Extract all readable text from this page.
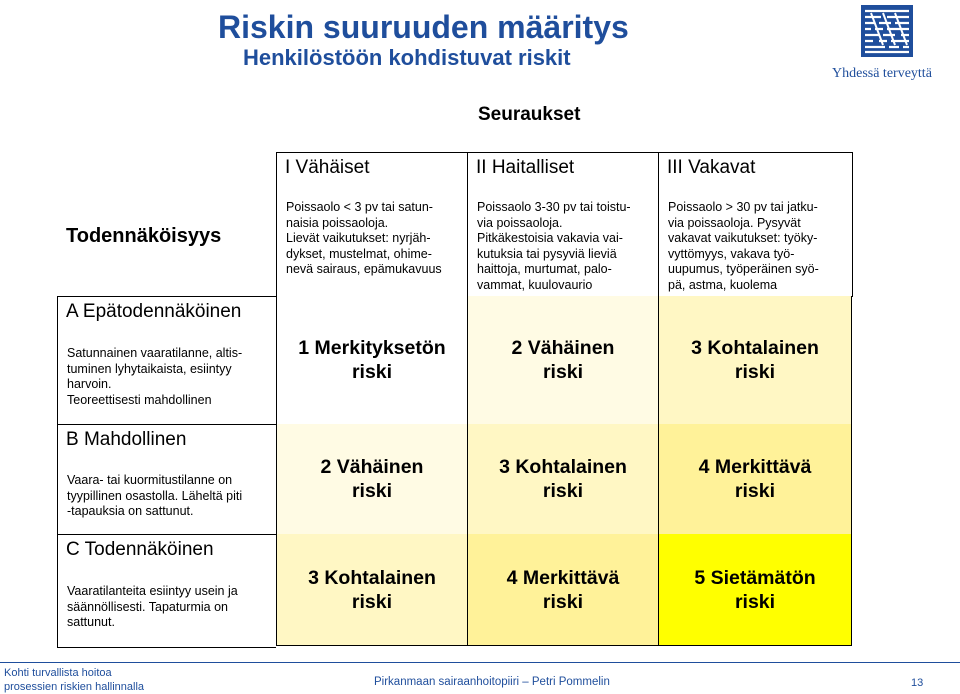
Riskin suuruuden määritys
Henkilöstöön kohdistuvat riskit
Yhdessä terveyttä
Seuraukset
I Vähäiset
Poissaolo < 3 pv tai satun-
naisia poissaoloja.
Lievät vaikutukset: nyrjäh-
dykset, mustelmat, ohime-
nevä sairaus, epämukavuus
II Haitalliset
Poissaolo 3-30 pv tai toistu-
via poissaoloja.
Pitkäkestoisia vakavia vai-
kutuksia tai pysyviä lieviä
haittoja, murtumat, palo-
vammat, kuulovaurio
III Vakavat
Poissaolo > 30 pv tai jatku-
via poissaoloja. Pysyvät
vakavat vaikutukset: työky-
vyttömyys, vakava työ-
uupumus, työperäinen syö-
pä, astma, kuolema
Todennäköisyys
A Epätodennäköinen
Satunnainen vaaratilanne, altis-
tuminen lyhytaikaista, esiintyy
harvoin.
Teoreettisesti mahdollinen
B Mahdollinen
Vaara- tai kuormitustilanne on
tyypillinen osastolla. Läheltä piti
-tapauksia on sattunut.
C Todennäköinen
Vaaratilanteita esiintyy usein ja
säännöllisesti. Tapaturmia on
sattunut.
1 Merkityksetön
riski
2 Vähäinen
riski
3 Kohtalainen
riski
2 Vähäinen
riski
3 Kohtalainen
riski
4 Merkittävä
riski
3 Kohtalainen
riski
4 Merkittävä
riski
5 Sietämätön
riski
Kohti turvallista hoitoa
prosessien riskien hallinnalla	Pirkanmaan sairaanhoitopiiri – Petri Pommelin	13
